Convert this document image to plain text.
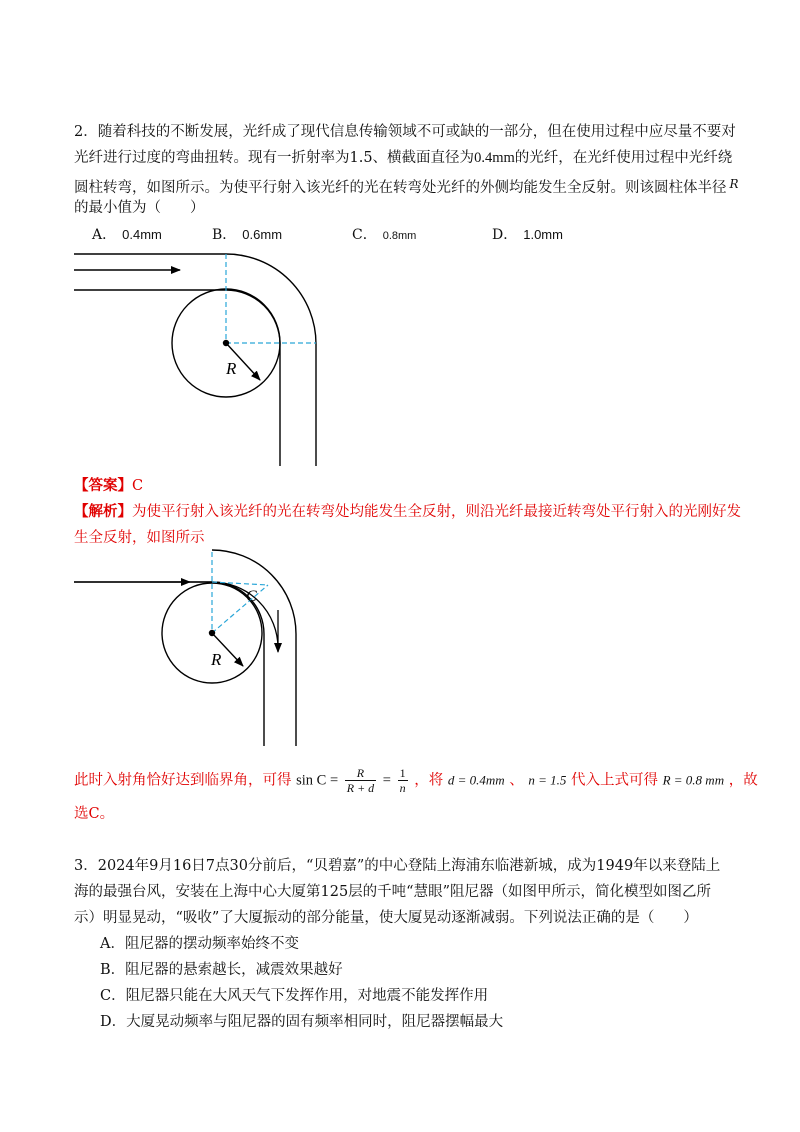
2．随着科技的不断发展，光纤成了现代信息传输领域不可或缺的一部分，但在使用过程中应尽量不要对
光纤进行过度的弯曲扭转。现有一折射率为1.5、横截面直径为0.4mm的光纤，在光纤使用过程中光纤绕
圆柱转弯，如图所示。为使平行射入该光纤的光在转弯处光纤的外侧均能发生全反射。则该圆柱体半径 $^R$
的最小值为（　　）
A． 0.4mm	B． 0.6mm	C． 0.8mm	D． 1.0mm
R
【答案】C
【解析】为使平行射入该光纤的光在转弯处均能发生全反射，则沿光纤最接近转弯处平行射入的光刚好发
生全反射，如图所示
R
C
此时入射角恰好达到临界角，可得 $\sin C = \frac{R}{R + d} = \frac{1}{n}$ ，将 d = 0.4mm 、 n = 1.5 代入上式可得 R = 0.8 mm ，故
选C。
3．2024年9月16日7点30分前后，“贝碧嘉”的中心登陆上海浦东临港新城，成为1949年以来登陆上
海的最强台风，安装在上海中心大厦第125层的千吨“慧眼”阻尼器（如图甲所示，简化模型如图乙所
示）明显晃动，“吸收”了大厦振动的部分能量，使大厦晃动逐渐减弱。下列说法正确的是（　　）
A．阻尼器的摆动频率始终不变
B．阻尼器的悬索越长，减震效果越好
C．阻尼器只能在大风天气下发挥作用，对地震不能发挥作用
D．大厦晃动频率与阻尼器的固有频率相同时，阻尼器摆幅最大
